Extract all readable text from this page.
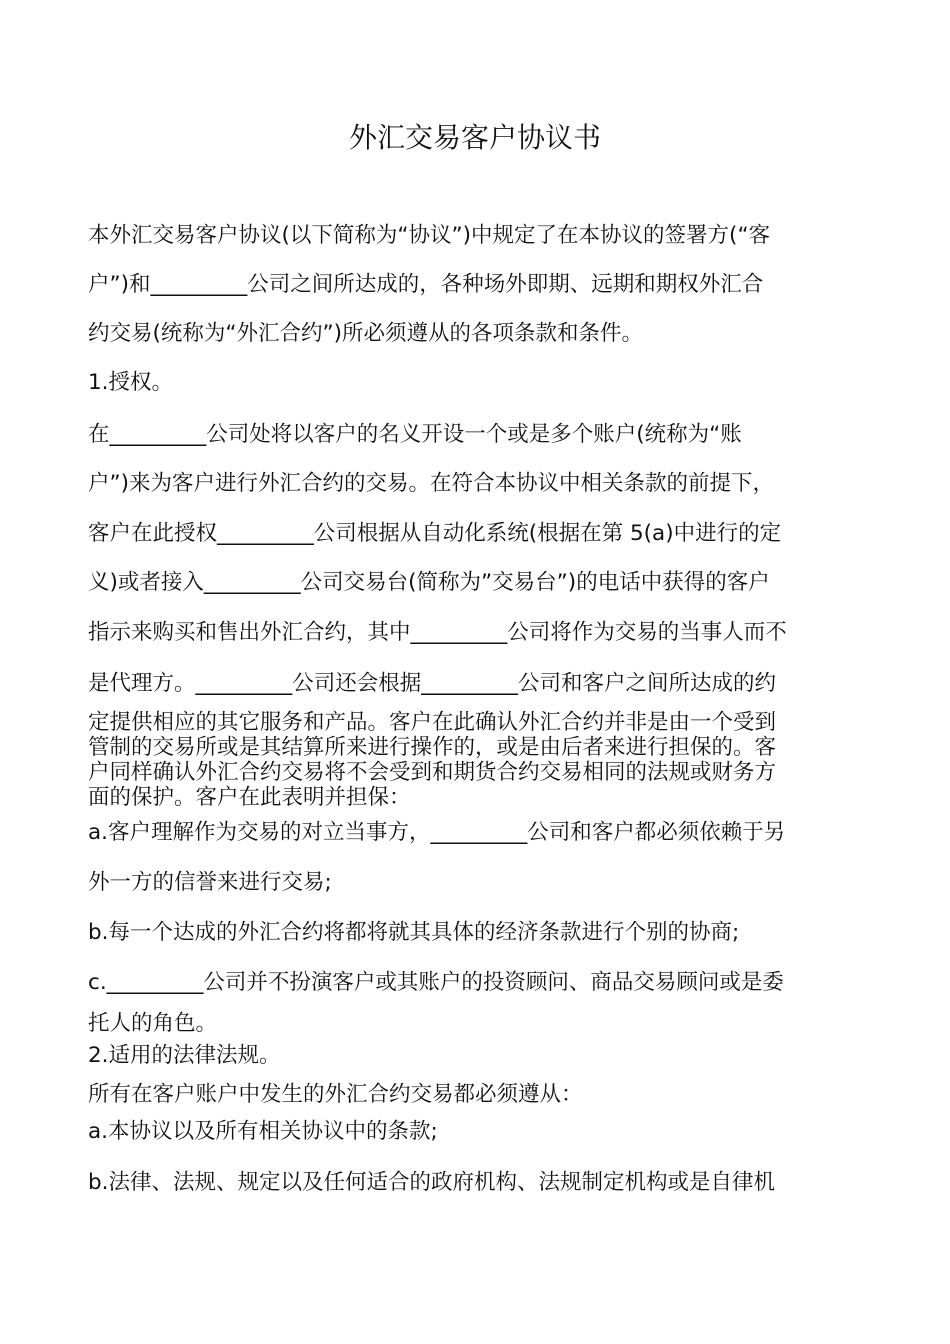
外汇交易客户协议书
本外汇交易客户协议(以下简称为“协议”)中规定了在本协议的签署方(“客
户”)和_________公司之间所达成的，各种场外即期、远期和期权外汇合
约交易(统称为“外汇合约”)所必须遵从的各项条款和条件。
1.授权。
在_________公司处将以客户的名义开设一个或是多个账户(统称为“账
户”)来为客户进行外汇合约的交易。在符合本协议中相关条款的前提下，
客户在此授权_________公司根据从自动化系统(根据在第 5(a)中进行的定
义)或者接入_________公司交易台(简称为”交易台”)的电话中获得的客户
指示来购买和售出外汇合约，其中_________公司将作为交易的当事人而不
是代理方。_________公司还会根据_________公司和客户之间所达成的约
定提供相应的其它服务和产品。客户在此确认外汇合约并非是由一个受到
管制的交易所或是其结算所来进行操作的，或是由后者来进行担保的。客
户同样确认外汇合约交易将不会受到和期货合约交易相同的法规或财务方
面的保护。客户在此表明并担保：
a.客户理解作为交易的对立当事方，_________公司和客户都必须依赖于另
外一方的信誉来进行交易;
b.每一个达成的外汇合约将都将就其具体的经济条款进行个别的协商;
c._________公司并不扮演客户或其账户的投资顾问、商品交易顾问或是委
托人的角色。
2.适用的法律法规。
所有在客户账户中发生的外汇合约交易都必须遵从：
a.本协议以及所有相关协议中的条款;
b.法律、法规、规定以及任何适合的政府机构、法规制定机构或是自律机
